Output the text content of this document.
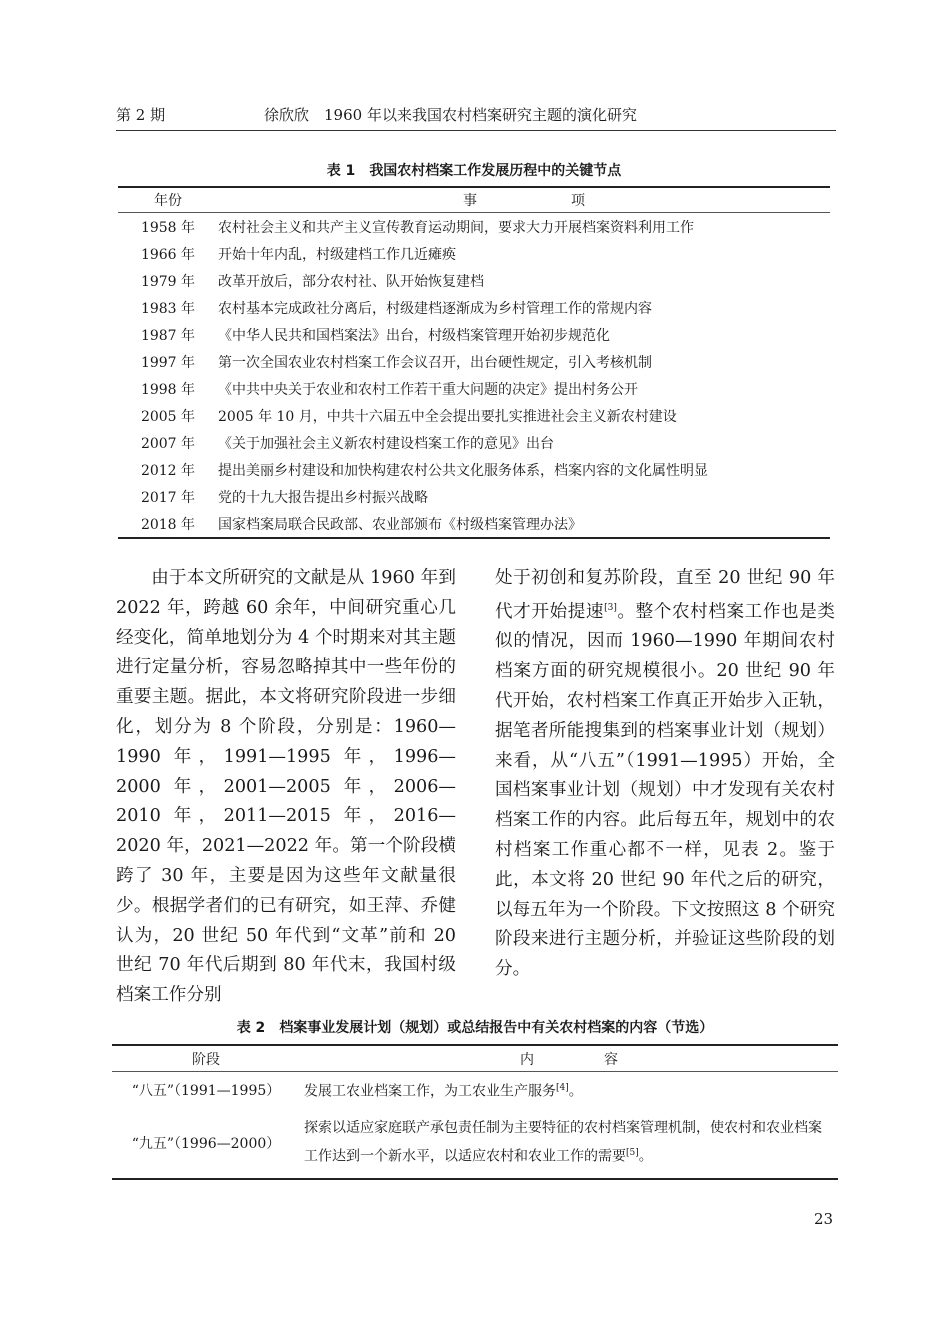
第 2 期	徐欣欣　1960 年以来我国农村档案研究主题的演化研究
表 1 我国农村档案工作发展历程中的关键节点
年份	事　项
1958 年	农村社会主义和共产主义宣传教育运动期间，要求大力开展档案资料利用工作
1966 年	开始十年内乱，村级建档工作几近瘫痪
1979 年	改革开放后，部分农村社、队开始恢复建档
1983 年	农村基本完成政社分离后，村级建档逐渐成为乡村管理工作的常规内容
1987 年	《中华人民共和国档案法》出台，村级档案管理开始初步规范化
1997 年	第一次全国农业农村档案工作会议召开，出台硬性规定，引入考核机制
1998 年	《中共中央关于农业和农村工作若干重大问题的决定》提出村务公开
2005 年	2005 年 10 月，中共十六届五中全会提出要扎实推进社会主义新农村建设
2007 年	《关于加强社会主义新农村建设档案工作的意见》出台
2012 年	提出美丽乡村建设和加快构建农村公共文化服务体系，档案内容的文化属性明显
2017 年	党的十九大报告提出乡村振兴战略
2018 年	国家档案局联合民政部、农业部颁布《村级档案管理办法》

由于本文所研究的文献是从 1960 年到 2022 年，跨越 60 余年，中间研究重心几经变化，简单地划分为 4 个时期来对其主题进行定量分析，容易忽略掉其中一些年份的重要主题。据此，本文将研究阶段进一步细化，划分为 8 个阶段，分别是：1960—1990 年，1991—1995 年，1996—2000 年，2001—2005 年，2006—2010 年，2011—2015 年，2016—2020 年，2021—2022 年。第一个阶段横跨了 30 年，主要是因为这些年文献量很少。根据学者们的已有研究，如王萍、乔健认为，20 世纪 50 年代到“文革”前和 20 世纪 70 年代后期到 80 年代末，我国村级档案工作分别

处于初创和复苏阶段，直至 20 世纪 90 年代才开始提速[3]。整个农村档案工作也是类似的情况，因而 1960—1990 年期间农村档案方面的研究规模很小。20 世纪 90 年代开始，农村档案工作真正开始步入正轨，据笔者所能搜集到的档案事业计划（规划）来看，从“八五”（1991—1995）开始，全国档案事业计划（规划）中才发现有关农村档案工作的内容。此后每五年，规划中的农村档案工作重心都不一样，见表 2。鉴于此，本文将 20 世纪 90 年代之后的研究，以每五年为一个阶段。下文按照这 8 个研究阶段来进行主题分析，并验证这些阶段的划分。

表 2 档案事业发展计划（规划）或总结报告中有关农村档案的内容（节选）
阶段	内　容
“八五”（1991—1995）	发展工农业档案工作，为工农业生产服务[4]。
“九五”（1996—2000）	探索以适应家庭联产承包责任制为主要特征的农村档案管理机制，使农村和农业档案工作达到一个新水平，以适应农村和农业工作的需要[5]。
23
